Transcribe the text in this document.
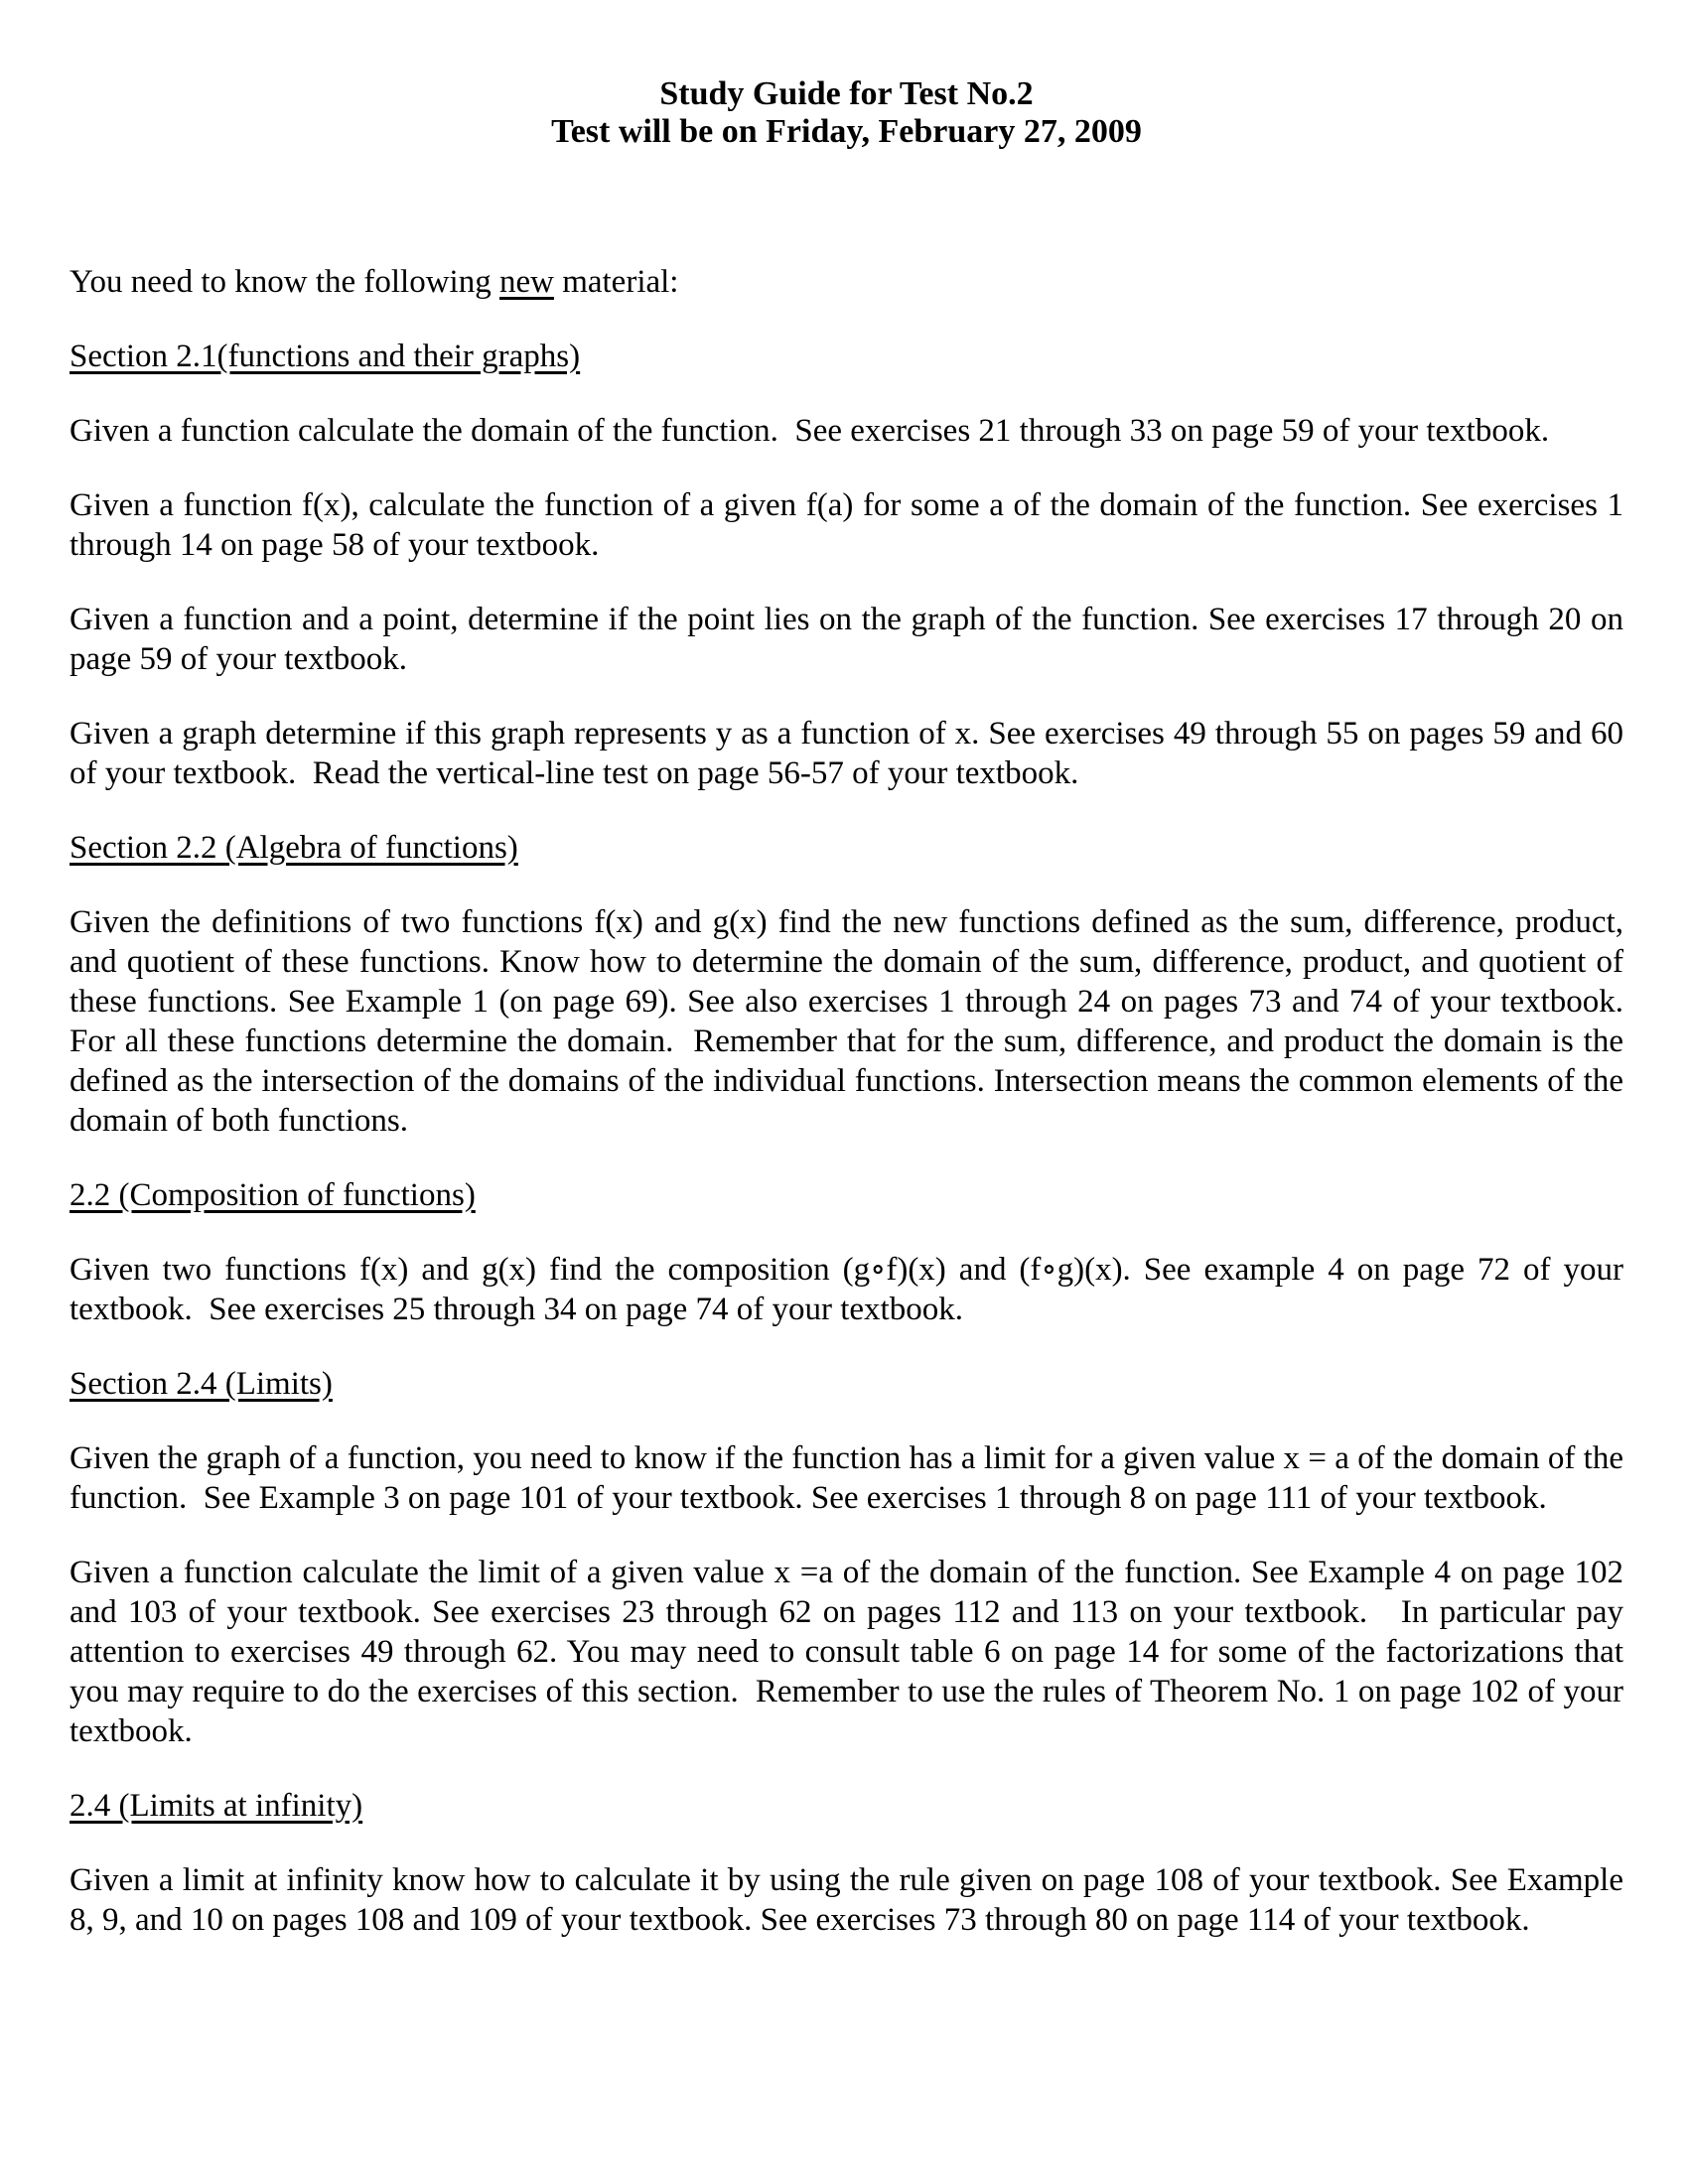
Study Guide for Test No.2
Test will be on Friday, February 27, 2009

You need to know the following new material:

Section 2.1(functions and their graphs)

Given a function calculate the domain of the function.  See exercises 21 through 33 on page 59 of your textbook.

Given a function f(x), calculate the function of a given f(a) for some a of the domain of the function. See exercises 1 through 14 on page 58 of your textbook.

Given a function and a point, determine if the point lies on the graph of the function. See exercises 17 through 20 on page 59 of your textbook.

Given a graph determine if this graph represents y as a function of x. See exercises 49 through 55 on pages 59 and 60 of your textbook.  Read the vertical-line test on page 56-57 of your textbook.

Section 2.2 (Algebra of functions)

Given the definitions of two functions f(x) and g(x) find the new functions defined as the sum, difference, product, and quotient of these functions. Know how to determine the domain of the sum, difference, product, and quotient of these functions. See Example 1 (on page 69). See also exercises 1 through 24 on pages 73 and 74 of your textbook. For all these functions determine the domain.  Remember that for the sum, difference, and product the domain is the defined as the intersection of the domains of the individual functions. Intersection means the common elements of the domain of both functions.

2.2 (Composition of functions)

Given two functions f(x) and g(x) find the composition (g∘f)(x) and (f∘g)(x). See example 4 on page 72 of your textbook.  See exercises 25 through 34 on page 74 of your textbook.

Section 2.4 (Limits)

Given the graph of a function, you need to know if the function has a limit for a given value x = a of the domain of the function.  See Example 3 on page 101 of your textbook. See exercises 1 through 8 on page 111 of your textbook.

Given a function calculate the limit of a given value x =a of the domain of the function. See Example 4 on page 102 and 103 of your textbook. See exercises 23 through 62 on pages 112 and 113 on your textbook.   In particular pay attention to exercises 49 through 62. You may need to consult table 6 on page 14 for some of the factorizations that you may require to do the exercises of this section.  Remember to use the rules of Theorem No. 1 on page 102 of your textbook.

2.4 (Limits at infinity)

Given a limit at infinity know how to calculate it by using the rule given on page 108 of your textbook. See Example 8, 9, and 10 on pages 108 and 109 of your textbook. See exercises 73 through 80 on page 114 of your textbook.
